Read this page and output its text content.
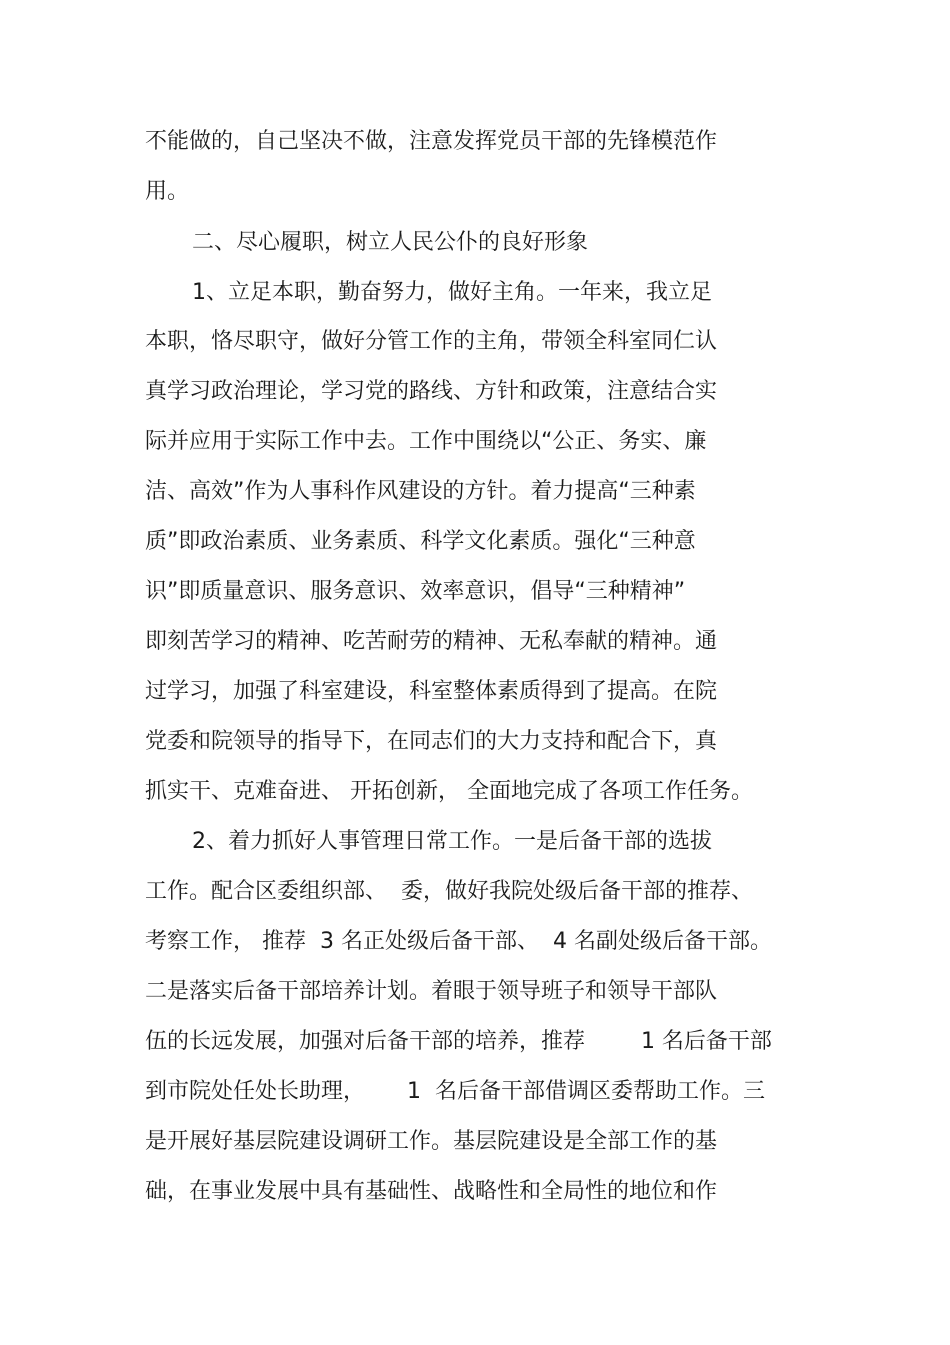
不能做的，自己坚决不做，注意发挥党员干部的先锋模范作
用。
二、尽心履职，树立人民公仆的良好形象
1、立足本职，勤奋努力，做好主角。一年来，我立足
本职，恪尽职守，做好分管工作的主角，带领全科室同仁认
真学习政治理论，学习党的路线、方针和政策，注意结合实
际并应用于实际工作中去。工作中围绕以“公正、务实、廉
洁、高效”作为人事科作风建设的方针。着力提高“三种素
质”即政治素质、业务素质、科学文化素质。强化“三种意
识”即质量意识、服务意识、效率意识，倡导“三种精神”
即刻苦学习的精神、吃苦耐劳的精神、无私奉献的精神。通
过学习，加强了科室建设，科室整体素质得到了提高。在院
党委和院领导的指导下，在同志们的大力支持和配合下，真
抓实干、克难奋进、 开拓创新， 全面地完成了各项工作任务。
2、着力抓好人事管理日常工作。一是后备干部的选拔
工作。配合区委组织部、  委，做好我院处级后备干部的推荐、
考察工作， 推荐  3 名正处级后备干部、  4 名副处级后备干部。
二是落实后备干部培养计划。着眼于领导班子和领导干部队
伍的长远发展，加强对后备干部的培养，推荐        1 名后备干部
到市院处任处长助理，      1  名后备干部借调区委帮助工作。三
是开展好基层院建设调研工作。基层院建设是全部工作的基
础，在事业发展中具有基础性、战略性和全局性的地位和作
